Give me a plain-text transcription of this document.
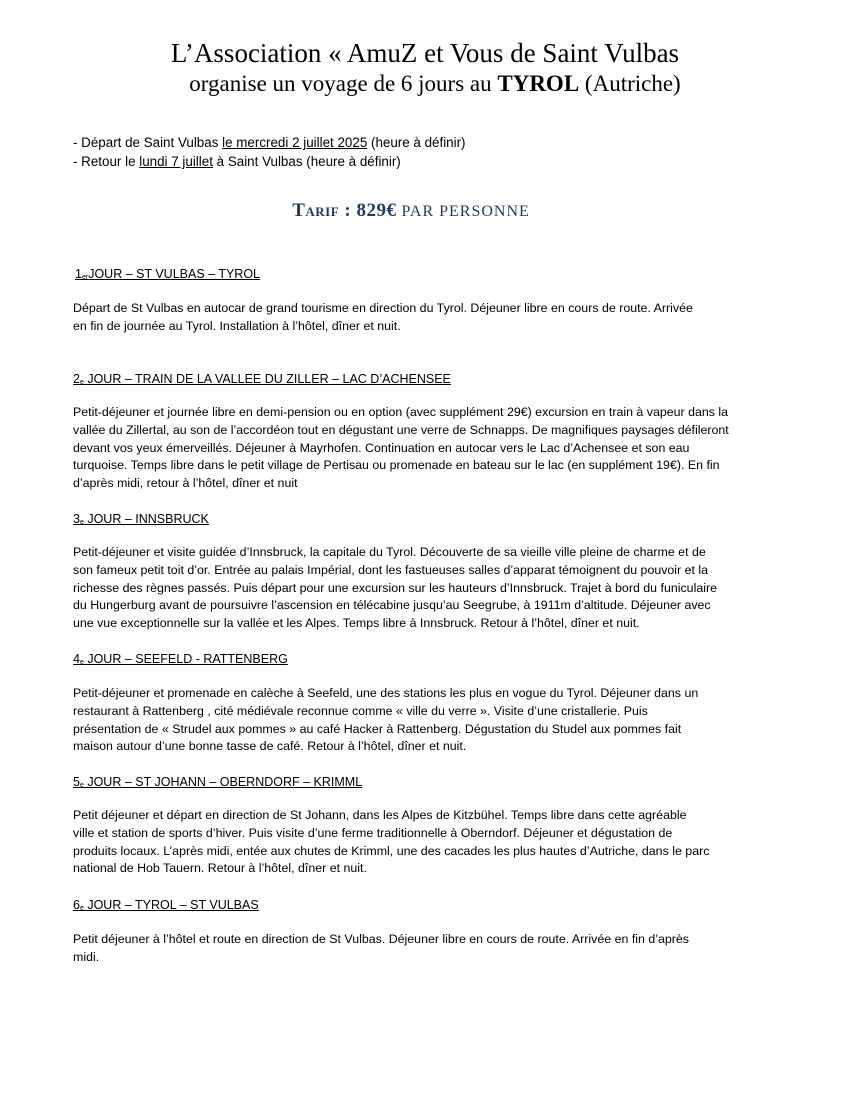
L’Association « AmuZ et Vous de Saint Vulbas
organise un voyage de 6 jours au TYROL (Autriche)
- Départ de Saint Vulbas le mercredi 2 juillet 2025 (heure à définir)
- Retour le lundi 7 juillet à Saint Vulbas (heure à définir)
Tarif : 829€ PAR PERSONNE
1erJOUR – ST VULBAS – TYROL
Départ de St Vulbas en autocar de grand tourisme en direction du Tyrol. Déjeuner libre en cours de route. Arrivée
en fin de journée au Tyrol. Installation à l’hôtel, dîner et nuit.
2e JOUR – TRAIN DE LA VALLEE DU ZILLER – LAC D’ACHENSEE
Petit-déjeuner et journée libre en demi-pension ou en option (avec supplément 29€) excursion en train à vapeur dans la
vallée du Zillertal, au son de l’accordéon tout en dégustant une verre de Schnapps. De magnifiques paysages défileront
devant vos yeux émerveillés. Déjeuner à Mayrhofen. Continuation en autocar vers le Lac d’Achensee et son eau
turquoise. Temps libre dans le petit village de Pertisau ou promenade en bateau sur le lac (en supplément 19€). En fin
d’après midi, retour à l’hôtel, dîner et nuit
3e JOUR – INNSBRUCK
Petit-déjeuner et visite guidée d’Innsbruck, la capitale du Tyrol. Découverte de sa vieille ville pleine de charme et de
son fameux petit toit d’or. Entrée au palais Impérial, dont les fastueuses salles d’apparat témoignent du pouvoir et la
richesse des règnes passés. Puis départ pour une excursion sur les hauteurs d’Innsbruck. Trajet à bord du funiculaire
du Hungerburg avant de poursuivre l’ascension en télécabine jusqu’au Seegrube, à 1911m d’altitude. Déjeuner avec
une vue exceptionnelle sur la vallée et les Alpes. Temps libre à Innsbruck. Retour à l’hôtel, dîner et nuit.
4e JOUR – SEEFELD - RATTENBERG
Petit-déjeuner et promenade en calèche à Seefeld, une des stations les plus en vogue du Tyrol. Déjeuner dans un
restaurant à Rattenberg , cité médiévale reconnue comme « ville du verre ». Visite d’une cristallerie. Puis
présentation de « Strudel aux pommes » au café Hacker à Rattenberg. Dégustation du Studel aux pommes fait
maison autour d’une bonne tasse de café. Retour à l’hôtel, dîner et nuit.
5e JOUR – ST JOHANN – OBERNDORF – KRIMML
Petit déjeuner et départ en direction de St Johann, dans les Alpes de Kitzbühel. Temps libre dans cette agréable
ville et station de sports d’hiver. Puis visite d’une ferme traditionnelle à Oberndorf. Déjeuner et dégustation de
produits locaux. L’après midi, entée aux chutes de Krimml, une des cacades les plus hautes d’Autriche, dans le parc
national de Hob Tauern. Retour à l’hôtel, dîner et nuit.
6e JOUR – TYROL – ST VULBAS
Petit déjeuner à l’hôtel et route en direction de St Vulbas. Déjeuner libre en cours de route. Arrivée en fin d’après
midi.
